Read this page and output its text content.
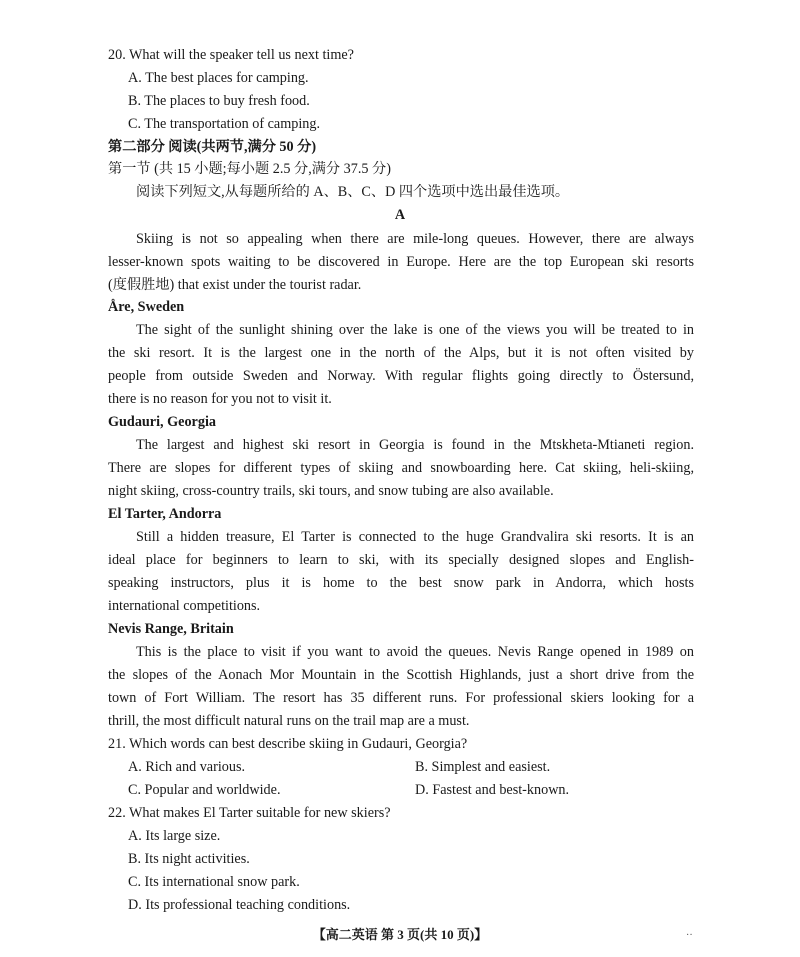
20. What will the speaker tell us next time?
A. The best places for camping.
B. The places to buy fresh food.
C. The transportation of camping.
第二部分 阅读(共两节,满分 50 分)
第一节 (共 15 小题;每小题 2.5 分,满分 37.5 分)
阅读下列短文,从每题所给的 A、B、C、D 四个选项中选出最佳选项。
A
Skiing is not so appealing when there are mile-long queues. However, there are always
lesser-known spots waiting to be discovered in Europe. Here are the top European ski resorts
(度假胜地) that exist under the tourist radar.
Åre, Sweden
The sight of the sunlight shining over the lake is one of the views you will be treated to in
the ski resort. It is the largest one in the north of the Alps, but it is not often visited by
people from outside Sweden and Norway. With regular flights going directly to Östersund,
there is no reason for you not to visit it.
Gudauri, Georgia
The largest and highest ski resort in Georgia is found in the Mtskheta-Mtianeti region.
There are slopes for different types of skiing and snowboarding here. Cat skiing, heli-skiing,
night skiing, cross-country trails, ski tours, and snow tubing are also available.
El Tarter, Andorra
Still a hidden treasure, El Tarter is connected to the huge Grandvalira ski resorts. It is an
ideal place for beginners to learn to ski, with its specially designed slopes and English-
speaking instructors, plus it is home to the best snow park in Andorra, which hosts
international competitions.
Nevis Range, Britain
This is the place to visit if you want to avoid the queues. Nevis Range opened in 1989 on
the slopes of the Aonach Mor Mountain in the Scottish Highlands, just a short drive from the
town of Fort William. The resort has 35 different runs. For professional skiers looking for a
thrill, the most difficult natural runs on the trail map are a must.
21. Which words can best describe skiing in Gudauri, Georgia?
A. Rich and various.	B. Simplest and easiest.
C. Popular and worldwide.	D. Fastest and best-known.
22. What makes El Tarter suitable for new skiers?
A. Its large size.
B. Its night activities.
C. Its international snow park.
D. Its professional teaching conditions.
【高二英语 第 3 页(共 10 页)】	··
